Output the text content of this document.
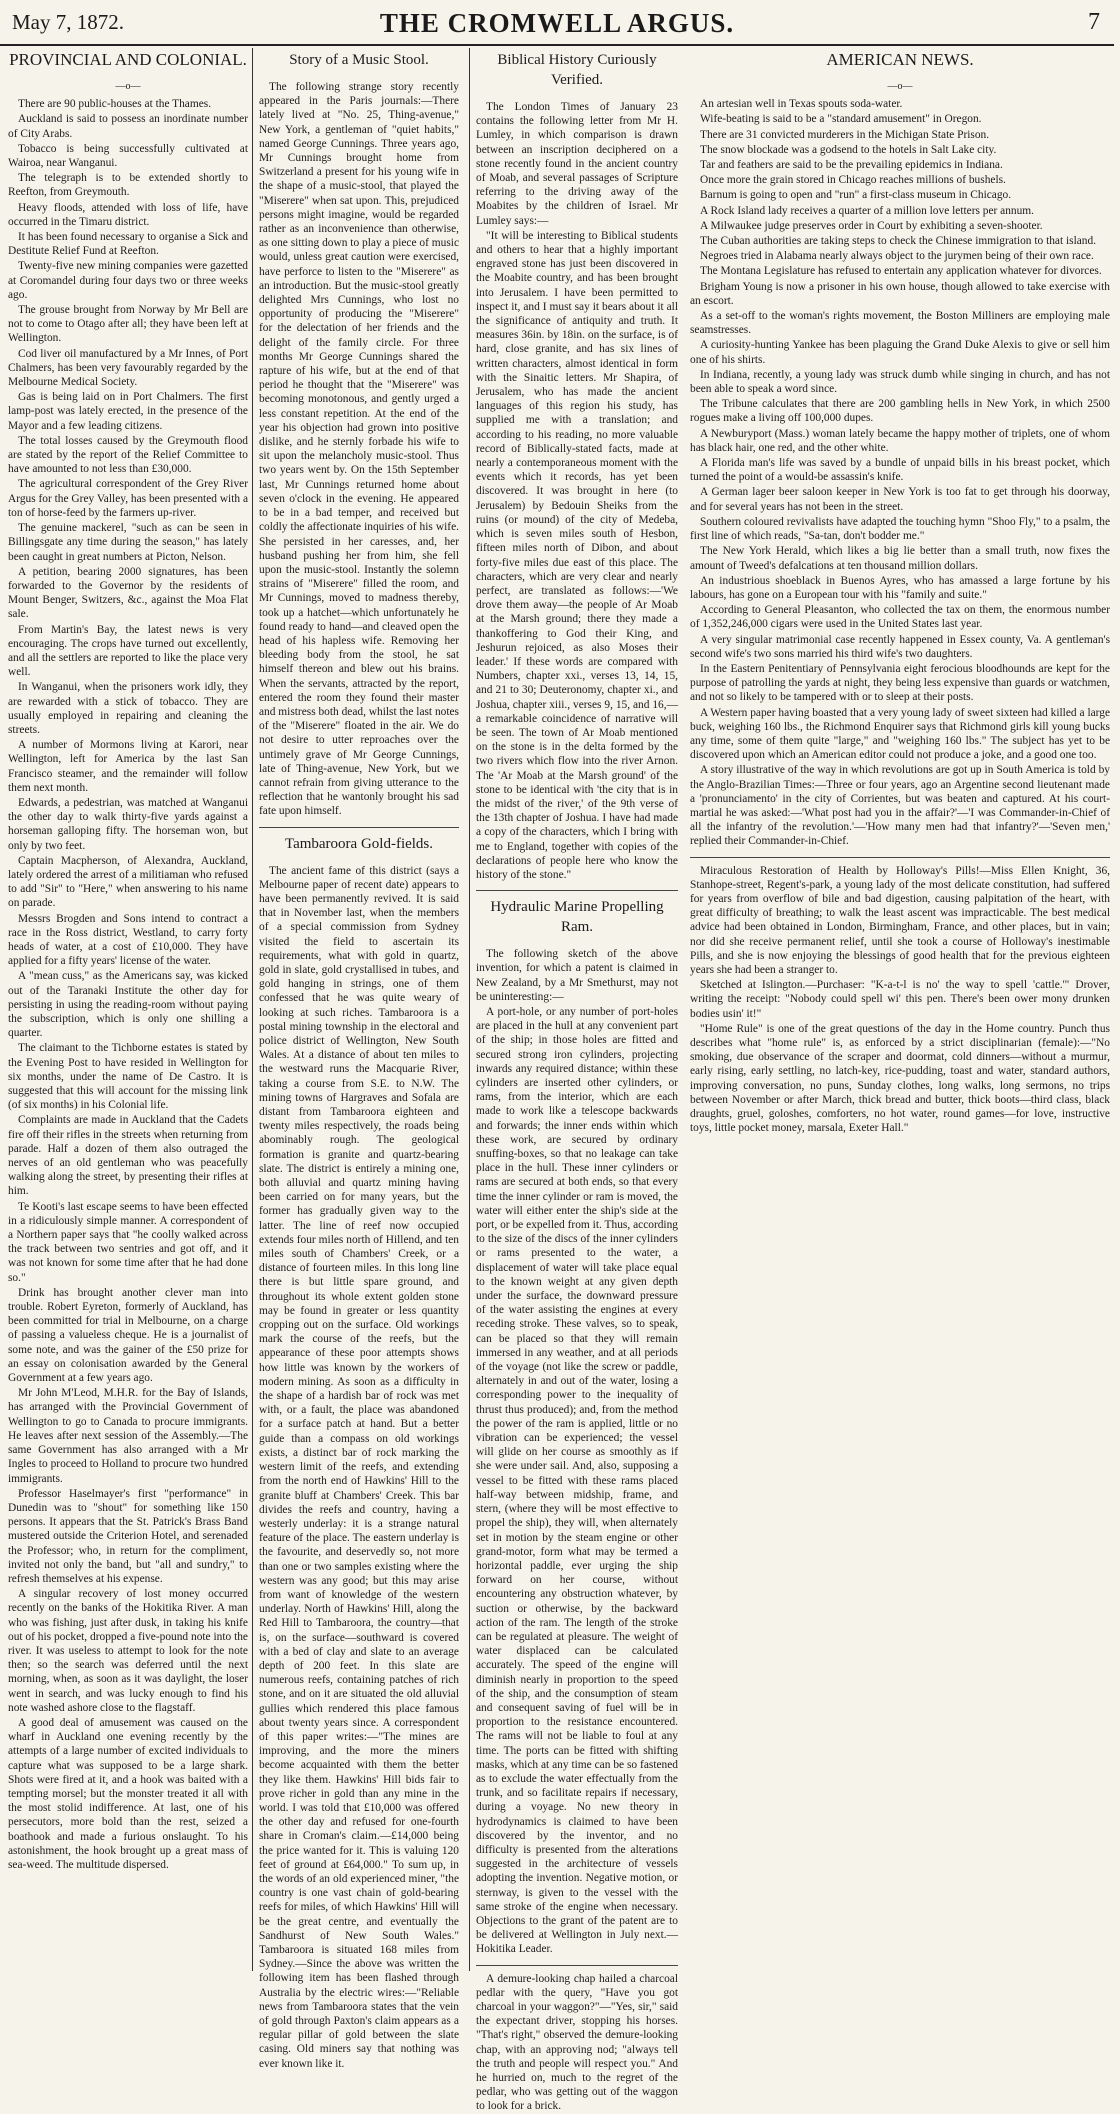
May 7, 1872.	THE CROMWELL ARGUS.	7
PROVINCIAL AND COLONIAL.
—o—

There are 90 public-houses at the Thames.

Auckland is said to possess an inordinate number of City Arabs.

Tobacco is being successfully cultivated at Wairoa, near Wanganui.

The telegraph is to be extended shortly to Reefton, from Greymouth.

Heavy floods, attended with loss of life, have occurred in the Timaru district.

It has been found necessary to organise a Sick and Destitute Relief Fund at Reefton.

Twenty-five new mining companies were gazetted at Coromandel during four days two or three weeks ago.

The grouse brought from Norway by Mr Bell are not to come to Otago after all; they have been left at Wellington.

Cod liver oil manufactured by a Mr Innes, of Port Chalmers, has been very favourably regarded by the Melbourne Medical Society.

Gas is being laid on in Port Chalmers. The first lamp-post was lately erected, in the presence of the Mayor and a few leading citizens.

The total losses caused by the Greymouth flood are stated by the report of the Relief Committee to have amounted to not less than £30,000.

The agricultural correspondent of the Grey River Argus for the Grey Valley, has been presented with a ton of horse-feed by the farmers up-river.

The genuine mackerel, "such as can be seen in Billingsgate any time during the season," has lately been caught in great numbers at Picton, Nelson.

A petition, bearing 2000 signatures, has been forwarded to the Governor by the residents of Mount Benger, Switzers, &c., against the Moa Flat sale.

From Martin's Bay, the latest news is very encouraging. The crops have turned out excellently, and all the settlers are reported to like the place very well.

In Wanganui, when the prisoners work idly, they are rewarded with a stick of tobacco. They are usually employed in repairing and cleaning the streets.

A number of Mormons living at Karori, near Wellington, left for America by the last San Francisco steamer, and the remainder will follow them next month.

Edwards, a pedestrian, was matched at Wanganui the other day to walk thirty-five yards against a horseman galloping fifty. The horseman won, but only by two feet.

Captain Macpherson, of Alexandra, Auckland, lately ordered the arrest of a militiaman who refused to add "Sir" to "Here," when answering to his name on parade.

Messrs Brogden and Sons intend to contract a race in the Ross district, Westland, to carry forty heads of water, at a cost of £10,000. They have applied for a fifty years' license of the water.

A "mean cuss," as the Americans say, was kicked out of the Taranaki Institute the other day for persisting in using the reading-room without paying the subscription, which is only one shilling a quarter.

The claimant to the Tichborne estates is stated by the Evening Post to have resided in Wellington for six months, under the name of De Castro. It is suggested that this will account for the missing link (of six months) in his Colonial life.

Complaints are made in Auckland that the Cadets fire off their rifles in the streets when returning from parade. Half a dozen of them also outraged the nerves of an old gentleman who was peacefully walking along the street, by presenting their rifles at him.

Te Kooti's last escape seems to have been effected in a ridiculously simple manner. A correspondent of a Northern paper says that "he coolly walked across the track between two sentries and got off, and it was not known for some time after that he had done so."

Drink has brought another clever man into trouble. Robert Eyreton, formerly of Auckland, has been committed for trial in Melbourne, on a charge of passing a valueless cheque. He is a journalist of some note, and was the gainer of the £50 prize for an essay on colonisation awarded by the General Government at a few years ago.

Mr John M'Leod, M.H.R. for the Bay of Islands, has arranged with the Provincial Government of Wellington to go to Canada to procure immigrants. He leaves after next session of the Assembly.—The same Government has also arranged with a Mr Ingles to proceed to Holland to procure two hundred immigrants.

Professor Haselmayer's first "performance" in Dunedin was to "shout" for something like 150 persons. It appears that the St. Patrick's Brass Band mustered outside the Criterion Hotel, and serenaded the Professor; who, in return for the compliment, invited not only the band, but "all and sundry," to refresh themselves at his expense.

A singular recovery of lost money occurred recently on the banks of the Hokitika River. A man who was fishing, just after dusk, in taking his knife out of his pocket, dropped a five-pound note into the river. It was useless to attempt to look for the note then; so the search was deferred until the next morning, when, as soon as it was daylight, the loser went in search, and was lucky enough to find his note washed ashore close to the flagstaff.

A good deal of amusement was caused on the wharf in Auckland one evening recently by the attempts of a large number of excited individuals to capture what was supposed to be a large shark. Shots were fired at it, and a hook was baited with a tempting morsel; but the monster treated it all with the most stolid indifference. At last, one of his persecutors, more bold than the rest, seized a boathook and made a furious onslaught. To his astonishment, the hook brought up a great mass of sea-weed. The multitude dispersed.

Story of a Music Stool.

The following strange story recently appeared in the Paris journals:—There lately lived at "No. 25, Thing-avenue," New York, a gentleman of "quiet habits," named George Cunnings. Three years ago, Mr Cunnings brought home from Switzerland a present for his young wife in the shape of a music-stool, that played the "Miserere" when sat upon. This, prejudiced persons might imagine, would be regarded rather as an inconvenience than otherwise, as one sitting down to play a piece of music would, unless great caution were exercised, have perforce to listen to the "Miserere" as an introduction. But the music-stool greatly delighted Mrs Cunnings, who lost no opportunity of producing the "Miserere" for the delectation of her friends and the delight of the family circle. For three months Mr George Cunnings shared the rapture of his wife, but at the end of that period he thought that the "Miserere" was becoming monotonous, and gently urged a less constant repetition. At the end of the year his objection had grown into positive dislike, and he sternly forbade his wife to sit upon the melancholy music-stool. Thus two years went by. On the 15th September last, Mr Cunnings returned home about seven o'clock in the evening. He appeared to be in a bad temper, and received but coldly the affectionate inquiries of his wife. She persisted in her caresses, and, her husband pushing her from him, she fell upon the music-stool. Instantly the solemn strains of "Miserere" filled the room, and Mr Cunnings, moved to madness thereby, took up a hatchet—which unfortunately he found ready to hand—and cleaved open the head of his hapless wife. Removing her bleeding body from the stool, he sat himself thereon and blew out his brains. When the servants, attracted by the report, entered the room they found their master and mistress both dead, whilst the last notes of the "Miserere" floated in the air. We do not desire to utter reproaches over the untimely grave of Mr George Cunnings, late of Thing-avenue, New York, but we cannot refrain from giving utterance to the reflection that he wantonly brought his sad fate upon himself.

Tambaroora Gold-fields.

The ancient fame of this district (says a Melbourne paper of recent date) appears to have been permanently revived. It is said that in November last, when the members of a special commission from Sydney visited the field to ascertain its requirements, what with gold in quartz, gold in slate, gold crystallised in tubes, and gold hanging in strings, one of them confessed that he was quite weary of looking at such riches. Tambaroora is a postal mining township in the electoral and police district of Wellington, New South Wales. At a distance of about ten miles to the westward runs the Macquarie River, taking a course from S.E. to N.W. The mining towns of Hargraves and Sofala are distant from Tambaroora eighteen and twenty miles respectively, the roads being abominably rough. The geological formation is granite and quartz-bearing slate. The district is entirely a mining one, both alluvial and quartz mining having been carried on for many years, but the former has gradually given way to the latter. The line of reef now occupied extends four miles north of Hillend, and ten miles south of Chambers' Creek, or a distance of fourteen miles. In this long line there is but little spare ground, and throughout its whole extent golden stone may be found in greater or less quantity cropping out on the surface. Old workings mark the course of the reefs, but the appearance of these poor attempts shows how little was known by the workers of modern mining. As soon as a difficulty in the shape of a hardish bar of rock was met with, or a fault, the place was abandoned for a surface patch at hand. But a better guide than a compass on old workings exists, a distinct bar of rock marking the western limit of the reefs, and extending from the north end of Hawkins' Hill to the granite bluff at Chambers' Creek. This bar divides the reefs and country, having a westerly underlay: it is a strange natural feature of the place. The eastern underlay is the favourite, and deservedly so, not more than one or two samples existing where the western was any good; but this may arise from want of knowledge of the western underlay. North of Hawkins' Hill, along the Red Hill to Tambaroora, the country—that is, on the surface—southward is covered with a bed of clay and slate to an average depth of 200 feet. In this slate are numerous reefs, containing patches of rich stone, and on it are situated the old alluvial gullies which rendered this place famous about twenty years since. A correspondent of this paper writes:—"The mines are improving, and the more the miners become acquainted with them the better they like them. Hawkins' Hill bids fair to prove richer in gold than any mine in the world. I was told that £10,000 was offered the other day and refused for one-fourth share in Croman's claim.—£14,000 being the price wanted for it. This is valuing 120 feet of ground at £64,000." To sum up, in the words of an old experienced miner, "the country is one vast chain of gold-bearing reefs for miles, of which Hawkins' Hill will be the great centre, and eventually the Sandhurst of New South Wales." Tambaroora is situated 168 miles from Sydney.—Since the above was written the following item has been flashed through Australia by the electric wires:—"Reliable news from Tambaroora states that the vein of gold through Paxton's claim appears as a regular pillar of gold between the slate casing. Old miners say that nothing was ever known like it.

Biblical History Curiously Verified.

The London Times of January 23 contains the following letter from Mr H. Lumley, in which comparison is drawn between an inscription deciphered on a stone recently found in the ancient country of Moab, and several passages of Scripture referring to the driving away of the Moabites by the children of Israel. Mr Lumley says:—

"It will be interesting to Biblical students and others to hear that a highly important engraved stone has just been discovered in the Moabite country, and has been brought into Jerusalem. I have been permitted to inspect it, and I must say it bears about it all the significance of antiquity and truth. It measures 36in. by 18in. on the surface, is of hard, close granite, and has six lines of written characters, almost identical in form with the Sinaitic letters. Mr Shapira, of Jerusalem, who has made the ancient languages of this region his study, has supplied me with a translation; and according to his reading, no more valuable record of Biblically-stated facts, made at nearly a contemporaneous moment with the events which it records, has yet been discovered. It was brought in here (to Jerusalem) by Bedouin Sheiks from the ruins (or mound) of the city of Medeba, which is seven miles south of Hesbon, fifteen miles north of Dibon, and about forty-five miles due east of this place. The characters, which are very clear and nearly perfect, are translated as follows:—'We drove them away—the people of Ar Moab at the Marsh ground; there they made a thankoffering to God their King, and Jeshurun rejoiced, as also Moses their leader.' If these words are compared with Numbers, chapter xxi., verses 13, 14, 15, and 21 to 30; Deuteronomy, chapter xi., and Joshua, chapter xiii., verses 9, 15, and 16,—a remarkable coincidence of narrative will be seen. The town of Ar Moab mentioned on the stone is in the delta formed by the two rivers which flow into the river Arnon. The 'Ar Moab at the Marsh ground' of the stone to be identical with 'the city that is in the midst of the river,' of the 9th verse of the 13th chapter of Joshua. I have had made a copy of the characters, which I bring with me to England, together with copies of the declarations of people here who know the history of the stone."

Hydraulic Marine Propelling Ram.

The following sketch of the above invention, for which a patent is claimed in New Zealand, by a Mr Smethurst, may not be uninteresting:—

A port-hole, or any number of port-holes are placed in the hull at any convenient part of the ship; in those holes are fitted and secured strong iron cylinders, projecting inwards any required distance; within these cylinders are inserted other cylinders, or rams, from the interior, which are each made to work like a telescope backwards and forwards; the inner ends within which these work, are secured by ordinary snuffing-boxes, so that no leakage can take place in the hull. These inner cylinders or rams are secured at both ends, so that every time the inner cylinder or ram is moved, the water will either enter the ship's side at the port, or be expelled from it. Thus, according to the size of the discs of the inner cylinders or rams presented to the water, a displacement of water will take place equal to the known weight at any given depth under the surface, the downward pressure of the water assisting the engines at every receding stroke. These valves, so to speak, can be placed so that they will remain immersed in any weather, and at all periods of the voyage (not like the screw or paddle, alternately in and out of the water, losing a corresponding power to the inequality of thrust thus produced); and, from the method the power of the ram is applied, little or no vibration can be experienced; the vessel will glide on her course as smoothly as if she were under sail. And, also, supposing a vessel to be fitted with these rams placed half-way between midship, frame, and stern, (where they will be most effective to propel the ship), they will, when alternately set in motion by the steam engine or other grand-motor, form what may be termed a horizontal paddle, ever urging the ship forward on her course, without encountering any obstruction whatever, by suction or otherwise, by the backward action of the ram. The length of the stroke can be regulated at pleasure. The weight of water displaced can be calculated accurately. The speed of the engine will diminish nearly in proportion to the speed of the ship, and the consumption of steam and consequent saving of fuel will be in proportion to the resistance encountered. The rams will not be liable to foul at any time. The ports can be fitted with shifting masks, which at any time can be so fastened as to exclude the water effectually from the trunk, and so facilitate repairs if necessary, during a voyage. No new theory in hydrodynamics is claimed to have been discovered by the inventor, and no difficulty is presented from the alterations suggested in the architecture of vessels adopting the invention. Negative motion, or sternway, is given to the vessel with the same stroke of the engine when necessary. Objections to the grant of the patent are to be delivered at Wellington in July next.—Hokitika Leader.

A demure-looking chap hailed a charcoal pedlar with the query, "Have you got charcoal in your waggon?"—"Yes, sir," said the expectant driver, stopping his horses. "That's right," observed the demure-looking chap, with an approving nod; "always tell the truth and people will respect you." And he hurried on, much to the regret of the pedlar, who was getting out of the waggon to look for a brick.

AMERICAN NEWS.
—o—

An artesian well in Texas spouts soda-water.

Wife-beating is said to be a "standard amusement" in Oregon.

There are 31 convicted murderers in the Michigan State Prison.

The snow blockade was a godsend to the hotels in Salt Lake city.

Tar and feathers are said to be the prevailing epidemics in Indiana.

Once more the grain stored in Chicago reaches millions of bushels.

Barnum is going to open and "run" a first-class museum in Chicago.

A Rock Island lady receives a quarter of a million love letters per annum.

A Milwaukee judge preserves order in Court by exhibiting a seven-shooter.

The Cuban authorities are taking steps to check the Chinese immigration to that island.

Negroes tried in Alabama nearly always object to the jurymen being of their own race.

The Montana Legislature has refused to entertain any application whatever for divorces.

Brigham Young is now a prisoner in his own house, though allowed to take exercise with an escort.

As a set-off to the woman's rights movement, the Boston Milliners are employing male seamstresses.

A curiosity-hunting Yankee has been plaguing the Grand Duke Alexis to give or sell him one of his shirts.

In Indiana, recently, a young lady was struck dumb while singing in church, and has not been able to speak a word since.

The Tribune calculates that there are 200 gambling hells in New York, in which 2500 rogues make a living off 100,000 dupes.

A Newburyport (Mass.) woman lately became the happy mother of triplets, one of whom has black hair, one red, and the other white.

A Florida man's life was saved by a bundle of unpaid bills in his breast pocket, which turned the point of a would-be assassin's knife.

A German lager beer saloon keeper in New York is too fat to get through his doorway, and for several years has not been in the street.

Southern coloured revivalists have adapted the touching hymn "Shoo Fly," to a psalm, the first line of which reads, "Sa-tan, don't bodder me."

The New York Herald, which likes a big lie better than a small truth, now fixes the amount of Tweed's defalcations at ten thousand million dollars.

An industrious shoeblack in Buenos Ayres, who has amassed a large fortune by his labours, has gone on a European tour with his "family and suite."

According to General Pleasanton, who collected the tax on them, the enormous number of 1,352,246,000 cigars were used in the United States last year.

A very singular matrimonial case recently happened in Essex county, Va. A gentleman's second wife's two sons married his third wife's two daughters.

In the Eastern Penitentiary of Pennsylvania eight ferocious bloodhounds are kept for the purpose of patrolling the yards at night, they being less expensive than guards or watchmen, and not so likely to be tampered with or to sleep at their posts.

A Western paper having boasted that a very young lady of sweet sixteen had killed a large buck, weighing 160 lbs., the Richmond Enquirer says that Richmond girls kill young bucks any time, some of them quite "large," and "weighing 160 lbs." The subject has yet to be discovered upon which an American editor could not produce a joke, and a good one too.

A story illustrative of the way in which revolutions are got up in South America is told by the Anglo-Brazilian Times:—Three or four years, ago an Argentine second lieutenant made a 'pronunciamento' in the city of Corrientes, but was beaten and captured. At his court-martial he was asked:—'What post had you in the affair?'—'I was Commander-in-Chief of all the infantry of the revolution.'—'How many men had that infantry?'—'Seven men,' replied their Commander-in-Chief.

Miraculous Restoration of Health by Holloway's Pills!—Miss Ellen Knight, 36, Stanhope-street, Regent's-park, a young lady of the most delicate constitution, had suffered for years from overflow of bile and bad digestion, causing palpitation of the heart, with great difficulty of breathing; to walk the least ascent was impracticable. The best medical advice had been obtained in London, Birmingham, France, and other places, but in vain; nor did she receive permanent relief, until she took a course of Holloway's inestimable Pills, and she is now enjoying the blessings of good health that for the previous eighteen years she had been a stranger to.

Sketched at Islington.—Purchaser: "K-a-t-l is no' the way to spell 'cattle.'" Drover, writing the receipt: "Nobody could spell wi' this pen. There's been ower mony drunken bodies usin' it!"

"Home Rule" is one of the great questions of the day in the Home country. Punch thus describes what "home rule" is, as enforced by a strict disciplinarian (female):—"No smoking, due observance of the scraper and doormat, cold dinners—without a murmur, early rising, early settling, no latch-key, rice-pudding, toast and water, standard authors, improving conversation, no puns, Sunday clothes, long walks, long sermons, no trips between November or after March, thick bread and butter, thick boots—third class, black draughts, gruel, goloshes, comforters, no hot water, round games—for love, instructive toys, little pocket money, marsala, Exeter Hall."
